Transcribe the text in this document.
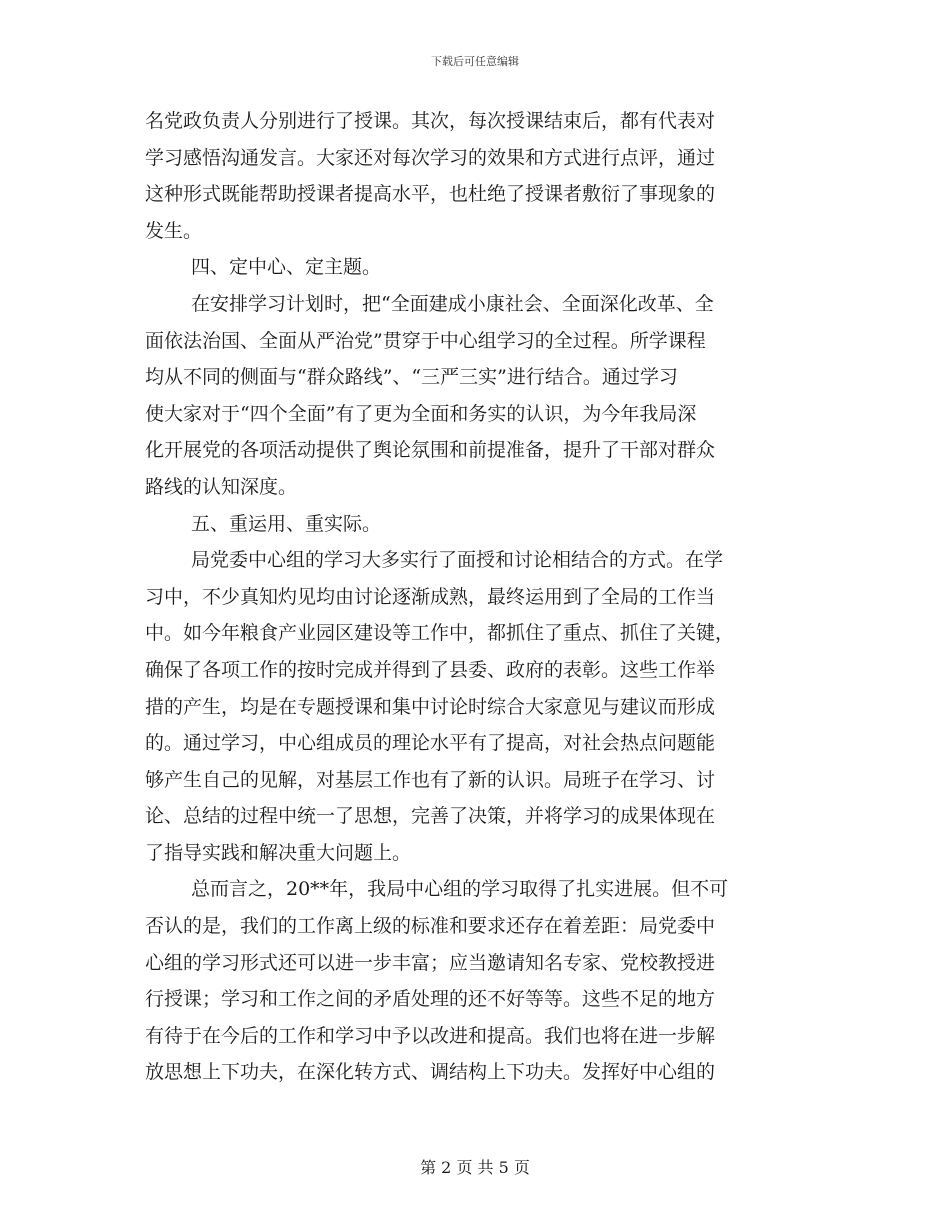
下载后可任意编辑
名党政负责人分别进行了授课。其次，每次授课结束后，都有代表对
学习感悟沟通发言。大家还对每次学习的效果和方式进行点评，通过
这种形式既能帮助授课者提高水平，也杜绝了授课者敷衍了事现象的
发生。
四、定中心、定主题。
在安排学习计划时，把“全面建成小康社会、全面深化改革、全
面依法治国、全面从严治党”贯穿于中心组学习的全过程。所学课程
均从不同的侧面与“群众路线”、“三严三实”进行结合。通过学习
使大家对于“四个全面”有了更为全面和务实的认识，为今年我局深
化开展党的各项活动提供了舆论氛围和前提准备，提升了干部对群众
路线的认知深度。
五、重运用、重实际。
局党委中心组的学习大多实行了面授和讨论相结合的方式。在学
习中，不少真知灼见均由讨论逐渐成熟，最终运用到了全局的工作当
中。如今年粮食产业园区建设等工作中，都抓住了重点、抓住了关键，
确保了各项工作的按时完成并得到了县委、政府的表彰。这些工作举
措的产生，均是在专题授课和集中讨论时综合大家意见与建议而形成
的。通过学习，中心组成员的理论水平有了提高，对社会热点问题能
够产生自己的见解，对基层工作也有了新的认识。局班子在学习、讨
论、总结的过程中统一了思想，完善了决策，并将学习的成果体现在
了指导实践和解决重大问题上。
总而言之，20**年，我局中心组的学习取得了扎实进展。但不可
否认的是，我们的工作离上级的标准和要求还存在着差距：局党委中
心组的学习形式还可以进一步丰富；应当邀请知名专家、党校教授进
行授课；学习和工作之间的矛盾处理的还不好等等。这些不足的地方
有待于在今后的工作和学习中予以改进和提高。我们也将在进一步解
放思想上下功夫，在深化转方式、调结构上下功夫。发挥好中心组的
第 2 页 共 5 页
